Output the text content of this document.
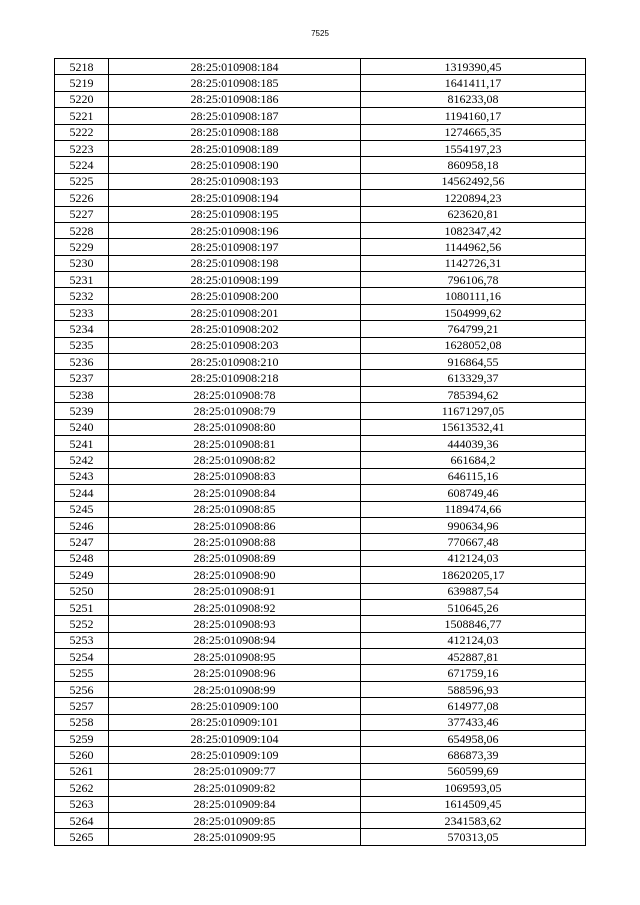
7525
5218	28:25:010908:184	1319390,45
5219	28:25:010908:185	1641411,17
5220	28:25:010908:186	816233,08
5221	28:25:010908:187	1194160,17
5222	28:25:010908:188	1274665,35
5223	28:25:010908:189	1554197,23
5224	28:25:010908:190	860958,18
5225	28:25:010908:193	14562492,56
5226	28:25:010908:194	1220894,23
5227	28:25:010908:195	623620,81
5228	28:25:010908:196	1082347,42
5229	28:25:010908:197	1144962,56
5230	28:25:010908:198	1142726,31
5231	28:25:010908:199	796106,78
5232	28:25:010908:200	1080111,16
5233	28:25:010908:201	1504999,62
5234	28:25:010908:202	764799,21
5235	28:25:010908:203	1628052,08
5236	28:25:010908:210	916864,55
5237	28:25:010908:218	613329,37
5238	28:25:010908:78	785394,62
5239	28:25:010908:79	11671297,05
5240	28:25:010908:80	15613532,41
5241	28:25:010908:81	444039,36
5242	28:25:010908:82	661684,2
5243	28:25:010908:83	646115,16
5244	28:25:010908:84	608749,46
5245	28:25:010908:85	1189474,66
5246	28:25:010908:86	990634,96
5247	28:25:010908:88	770667,48
5248	28:25:010908:89	412124,03
5249	28:25:010908:90	18620205,17
5250	28:25:010908:91	639887,54
5251	28:25:010908:92	510645,26
5252	28:25:010908:93	1508846,77
5253	28:25:010908:94	412124,03
5254	28:25:010908:95	452887,81
5255	28:25:010908:96	671759,16
5256	28:25:010908:99	588596,93
5257	28:25:010909:100	614977,08
5258	28:25:010909:101	377433,46
5259	28:25:010909:104	654958,06
5260	28:25:010909:109	686873,39
5261	28:25:010909:77	560599,69
5262	28:25:010909:82	1069593,05
5263	28:25:010909:84	1614509,45
5264	28:25:010909:85	2341583,62
5265	28:25:010909:95	570313,05
